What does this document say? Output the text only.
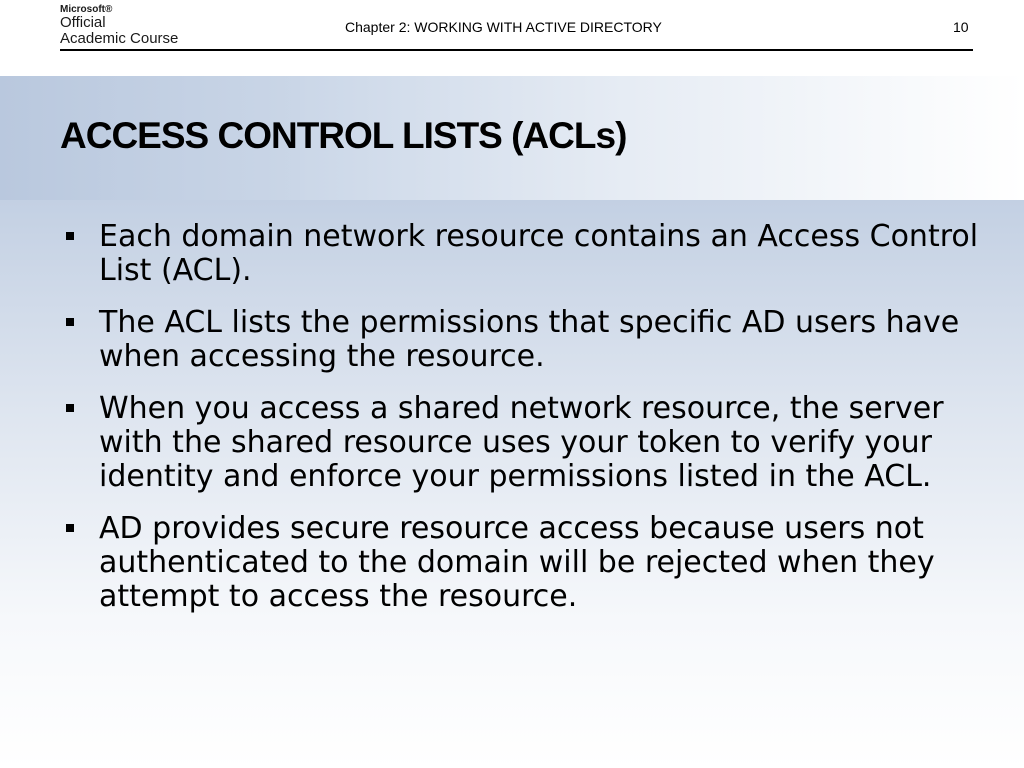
Microsoft®
Official
Academic Course
Chapter 2: WORKING WITH ACTIVE DIRECTORY	10
ACCESS CONTROL LISTS (ACLs)
Each domain network resource contains an Access Control List (ACL).
The ACL lists the permissions that specific AD users have when accessing the resource.
When you access a shared network resource, the server with the shared resource uses your token to verify your identity and enforce your permissions listed in the ACL.
AD provides secure resource access because users not authenticated to the domain will be rejected when they attempt to access the resource.
